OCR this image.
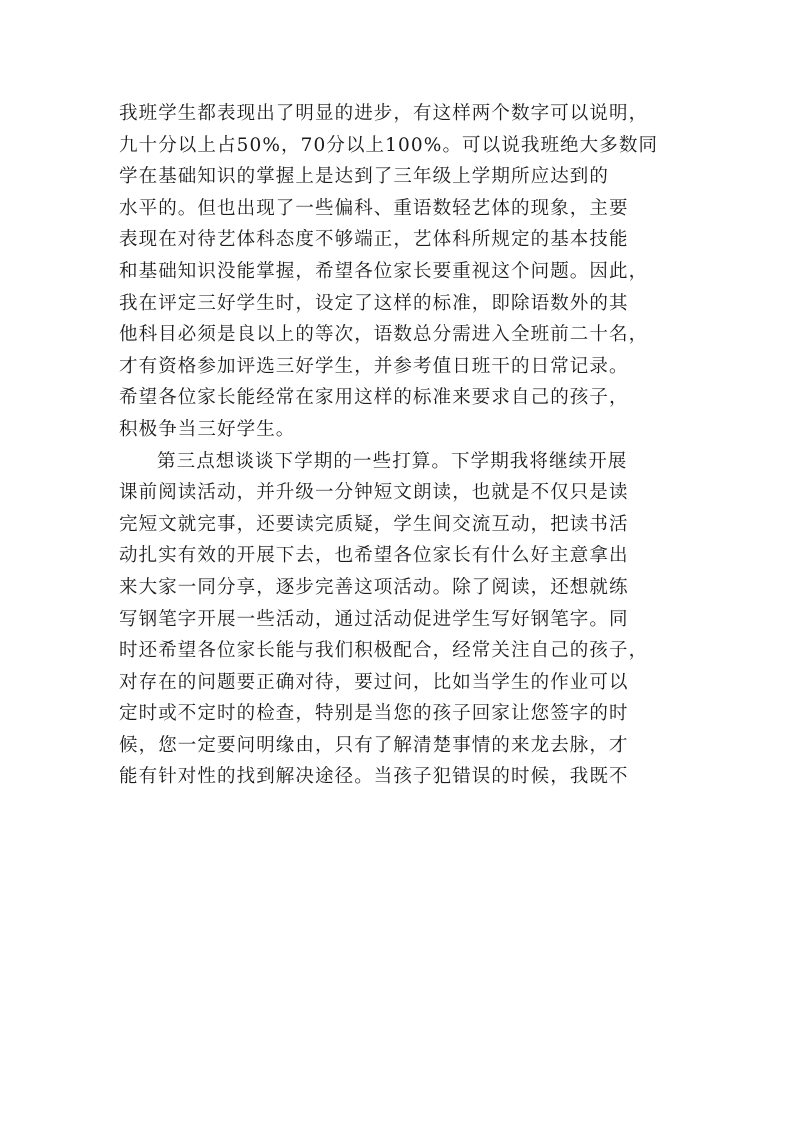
我班学生都表现出了明显的进步，有这样两个数字可以说明，
九十分以上占50%，70分以上100%。可以说我班绝大多数同
学在基础知识的掌握上是达到了三年级上学期所应达到的
水平的。但也出现了一些偏科、重语数轻艺体的现象，主要
表现在对待艺体科态度不够端正，艺体科所规定的基本技能
和基础知识没能掌握，希望各位家长要重视这个问题。因此，
我在评定三好学生时，设定了这样的标准，即除语数外的其
他科目必须是良以上的等次，语数总分需进入全班前二十名，
才有资格参加评选三好学生，并参考值日班干的日常记录。
希望各位家长能经常在家用这样的标准来要求自己的孩子，
积极争当三好学生。
第三点想谈谈下学期的一些打算。下学期我将继续开展
课前阅读活动，并升级一分钟短文朗读，也就是不仅只是读
完短文就完事，还要读完质疑，学生间交流互动，把读书活
动扎实有效的开展下去，也希望各位家长有什么好主意拿出
来大家一同分享，逐步完善这项活动。除了阅读，还想就练
写钢笔字开展一些活动，通过活动促进学生写好钢笔字。同
时还希望各位家长能与我们积极配合，经常关注自己的孩子，
对存在的问题要正确对待，要过问，比如当学生的作业可以
定时或不定时的检查，特别是当您的孩子回家让您签字的时
候，您一定要问明缘由，只有了解清楚事情的来龙去脉，才
能有针对性的找到解决途径。当孩子犯错误的时候，我既不
